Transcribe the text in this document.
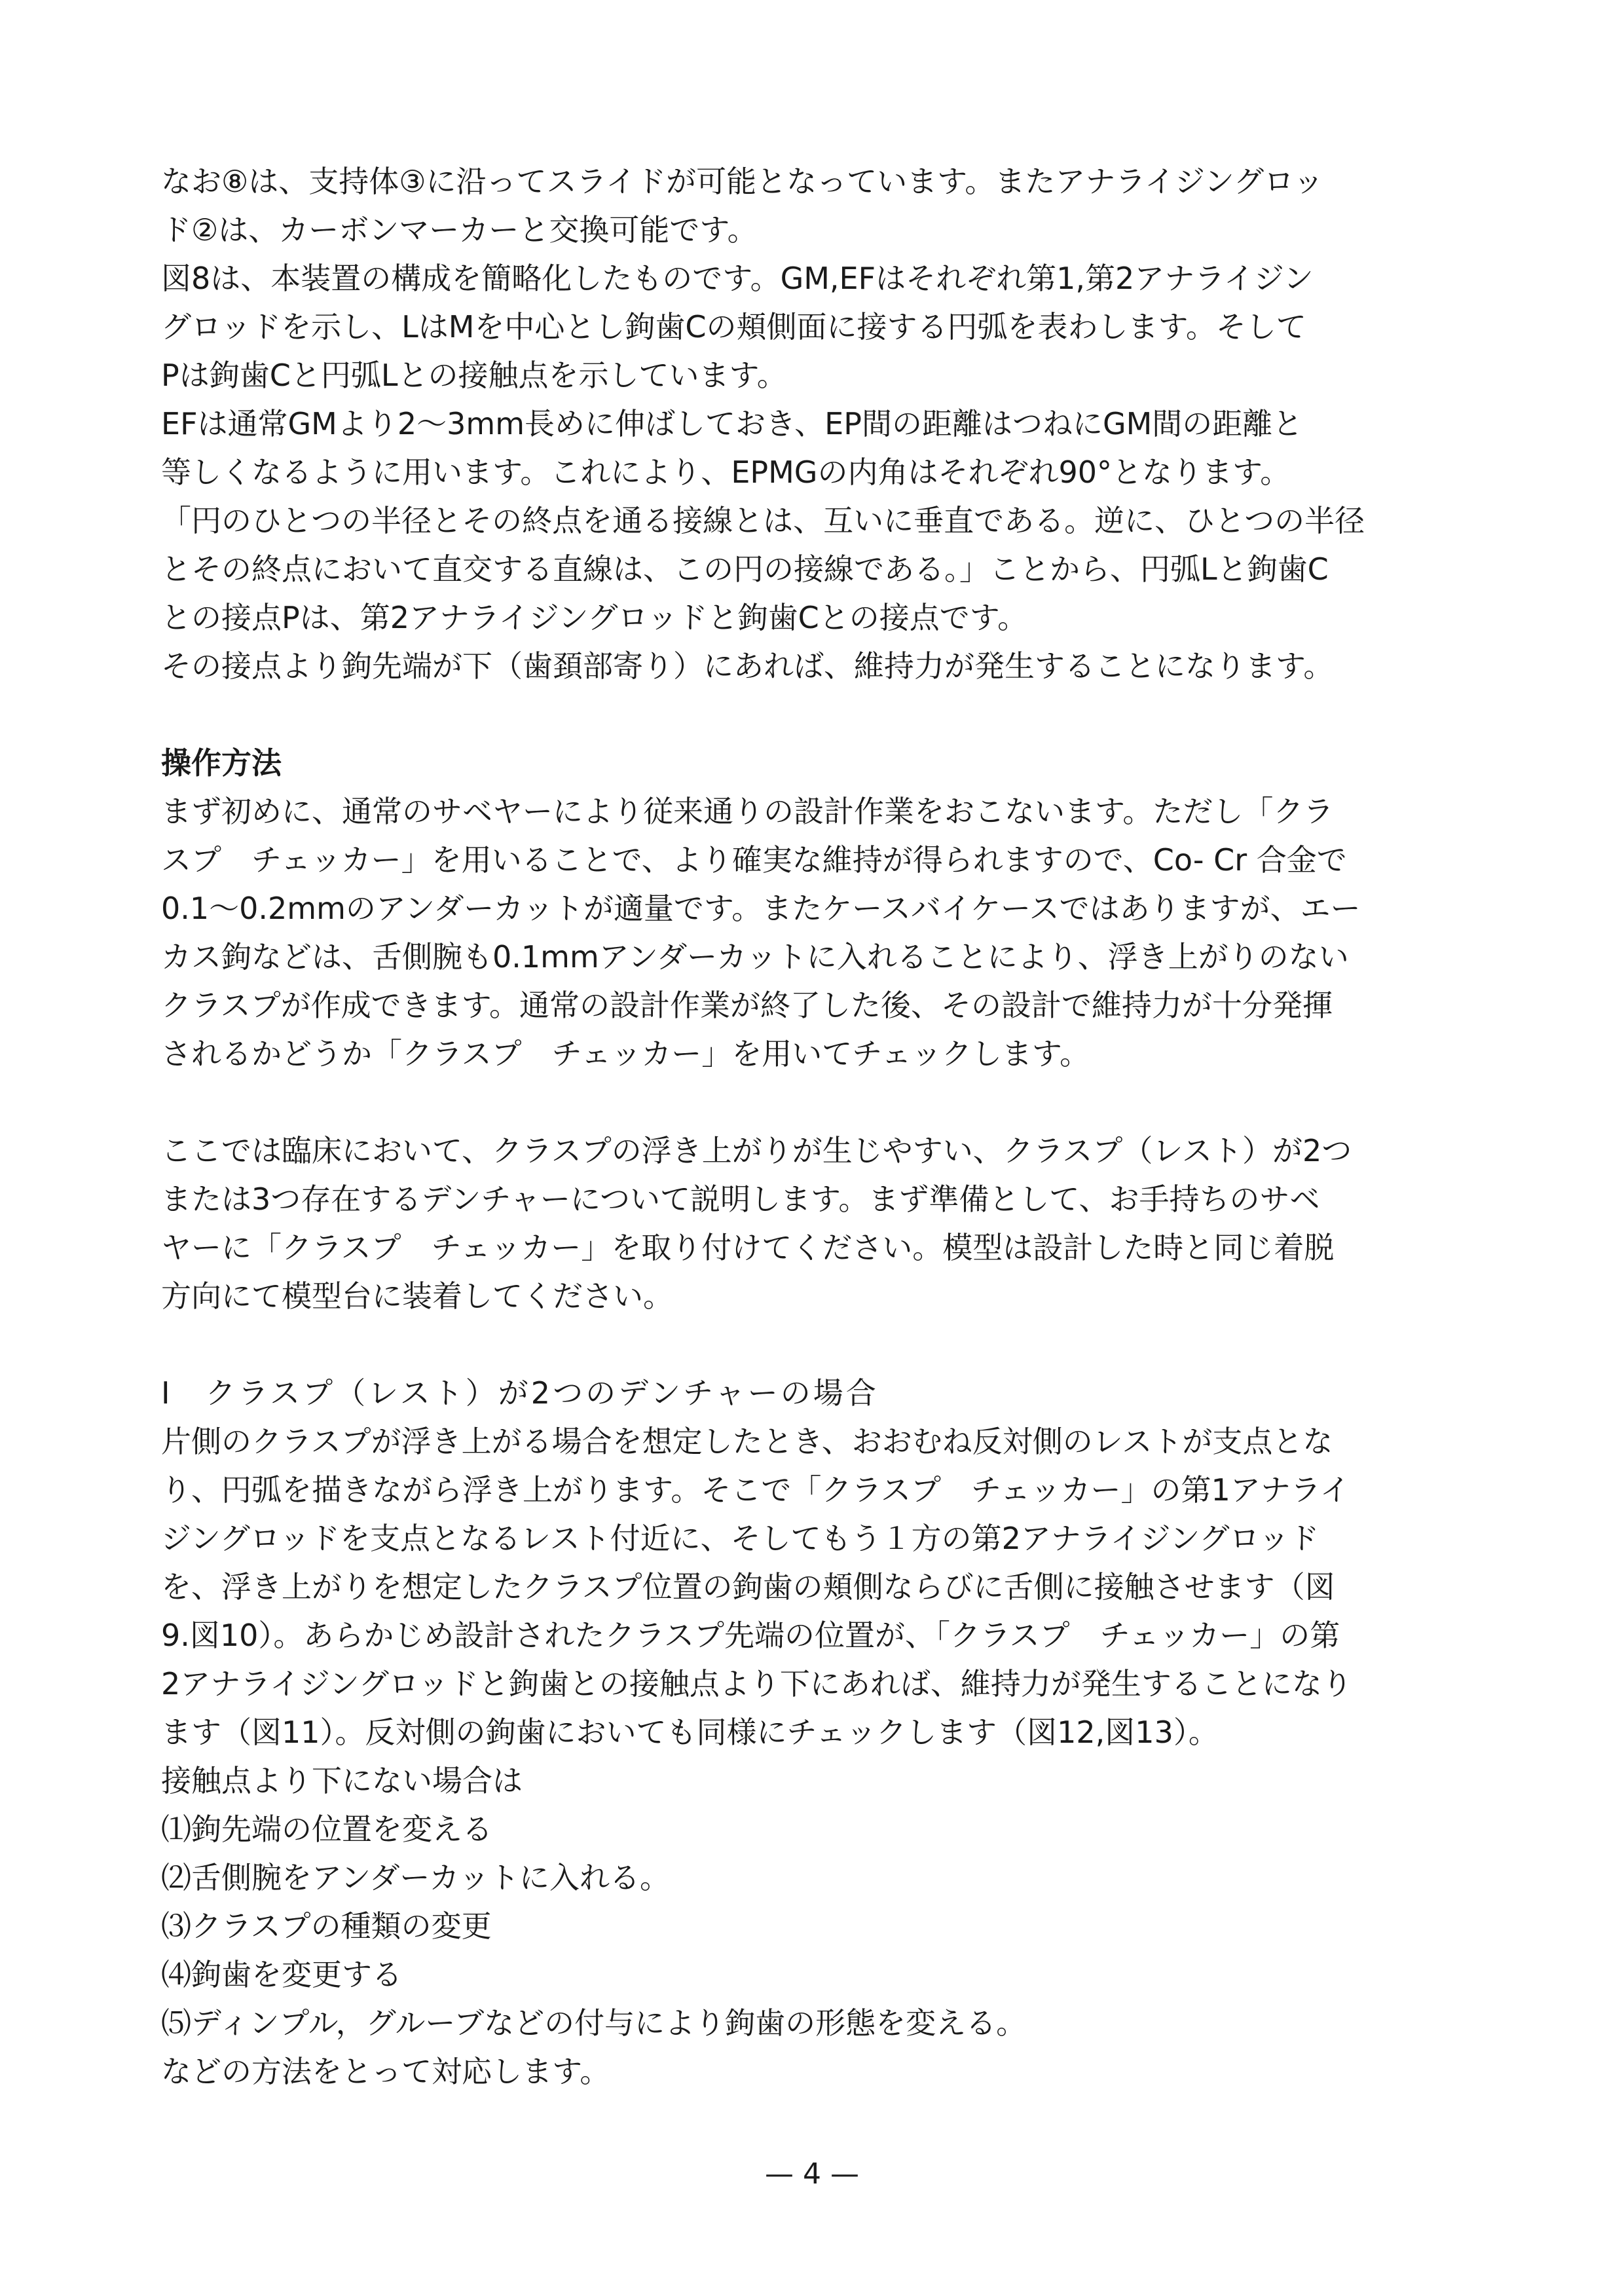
なお⑧は、支持体③に沿ってスライドが可能となっています。またアナライジングロッ
ド②は、カーボンマーカーと交換可能です。
図8は、本装置の構成を簡略化したものです。GM,EFはそれぞれ第1,第2アナライジン
グロッドを示し、LはMを中心とし鉤歯Cの頬側面に接する円弧を表わします。そして
Pは鉤歯Cと円弧Lとの接触点を示しています。
EFは通常GMより2〜3mm長めに伸ばしておき、EP間の距離はつねにGM間の距離と
等しくなるように用います。これにより、EPMGの内角はそれぞれ90°となります。
「円のひとつの半径とその終点を通る接線とは、互いに垂直である。逆に、ひとつの半径
とその終点において直交する直線は、この円の接線である。」ことから、円弧Lと鉤歯C
との接点Pは、第2アナライジングロッドと鉤歯Cとの接点です。
その接点より鉤先端が下（歯頚部寄り）にあれば、維持力が発生することになります。
操作方法
まず初めに、通常のサベヤーにより従来通りの設計作業をおこないます。ただし「クラ
スプ　チェッカー」を用いることで、より確実な維持が得られますので、Co- Cr 合金で
0.1〜0.2mmのアンダーカットが適量です。またケースバイケースではありますが、エー
カス鉤などは、舌側腕も0.1mmアンダーカットに入れることにより、浮き上がりのない
クラスプが作成できます。通常の設計作業が終了した後、その設計で維持力が十分発揮
されるかどうか「クラスプ　チェッカー」を用いてチェックします。
ここでは臨床において、クラスプの浮き上がりが生じやすい、クラスプ（レスト）が2つ
または3つ存在するデンチャーについて説明します。まず準備として、お手持ちのサベ
ヤーに「クラスプ　チェッカー」を取り付けてください。模型は設計した時と同じ着脱
方向にて模型台に装着してください。
Ⅰ　クラスプ（レスト）が2つのデンチャーの場合
片側のクラスプが浮き上がる場合を想定したとき、おおむね反対側のレストが支点とな
り、円弧を描きながら浮き上がります。そこで「クラスプ　チェッカー」の第1アナライ
ジングロッドを支点となるレスト付近に、そしてもう１方の第2アナライジングロッド
を、浮き上がりを想定したクラスプ位置の鉤歯の頬側ならびに舌側に接触させます（図
9.図10）。あらかじめ設計されたクラスプ先端の位置が、「クラスプ　チェッカー」の第
2アナライジングロッドと鉤歯との接触点より下にあれば、維持力が発生することになり
ます（図11）。反対側の鉤歯においても同様にチェックします（図12,図13）。
接触点より下にない場合は
⑴鉤先端の位置を変える
⑵舌側腕をアンダーカットに入れる。
⑶クラスプの種類の変更
⑷鉤歯を変更する
⑸ディンプル，グルーブなどの付与により鉤歯の形態を変える。
などの方法をとって対応します。
— 4 —
